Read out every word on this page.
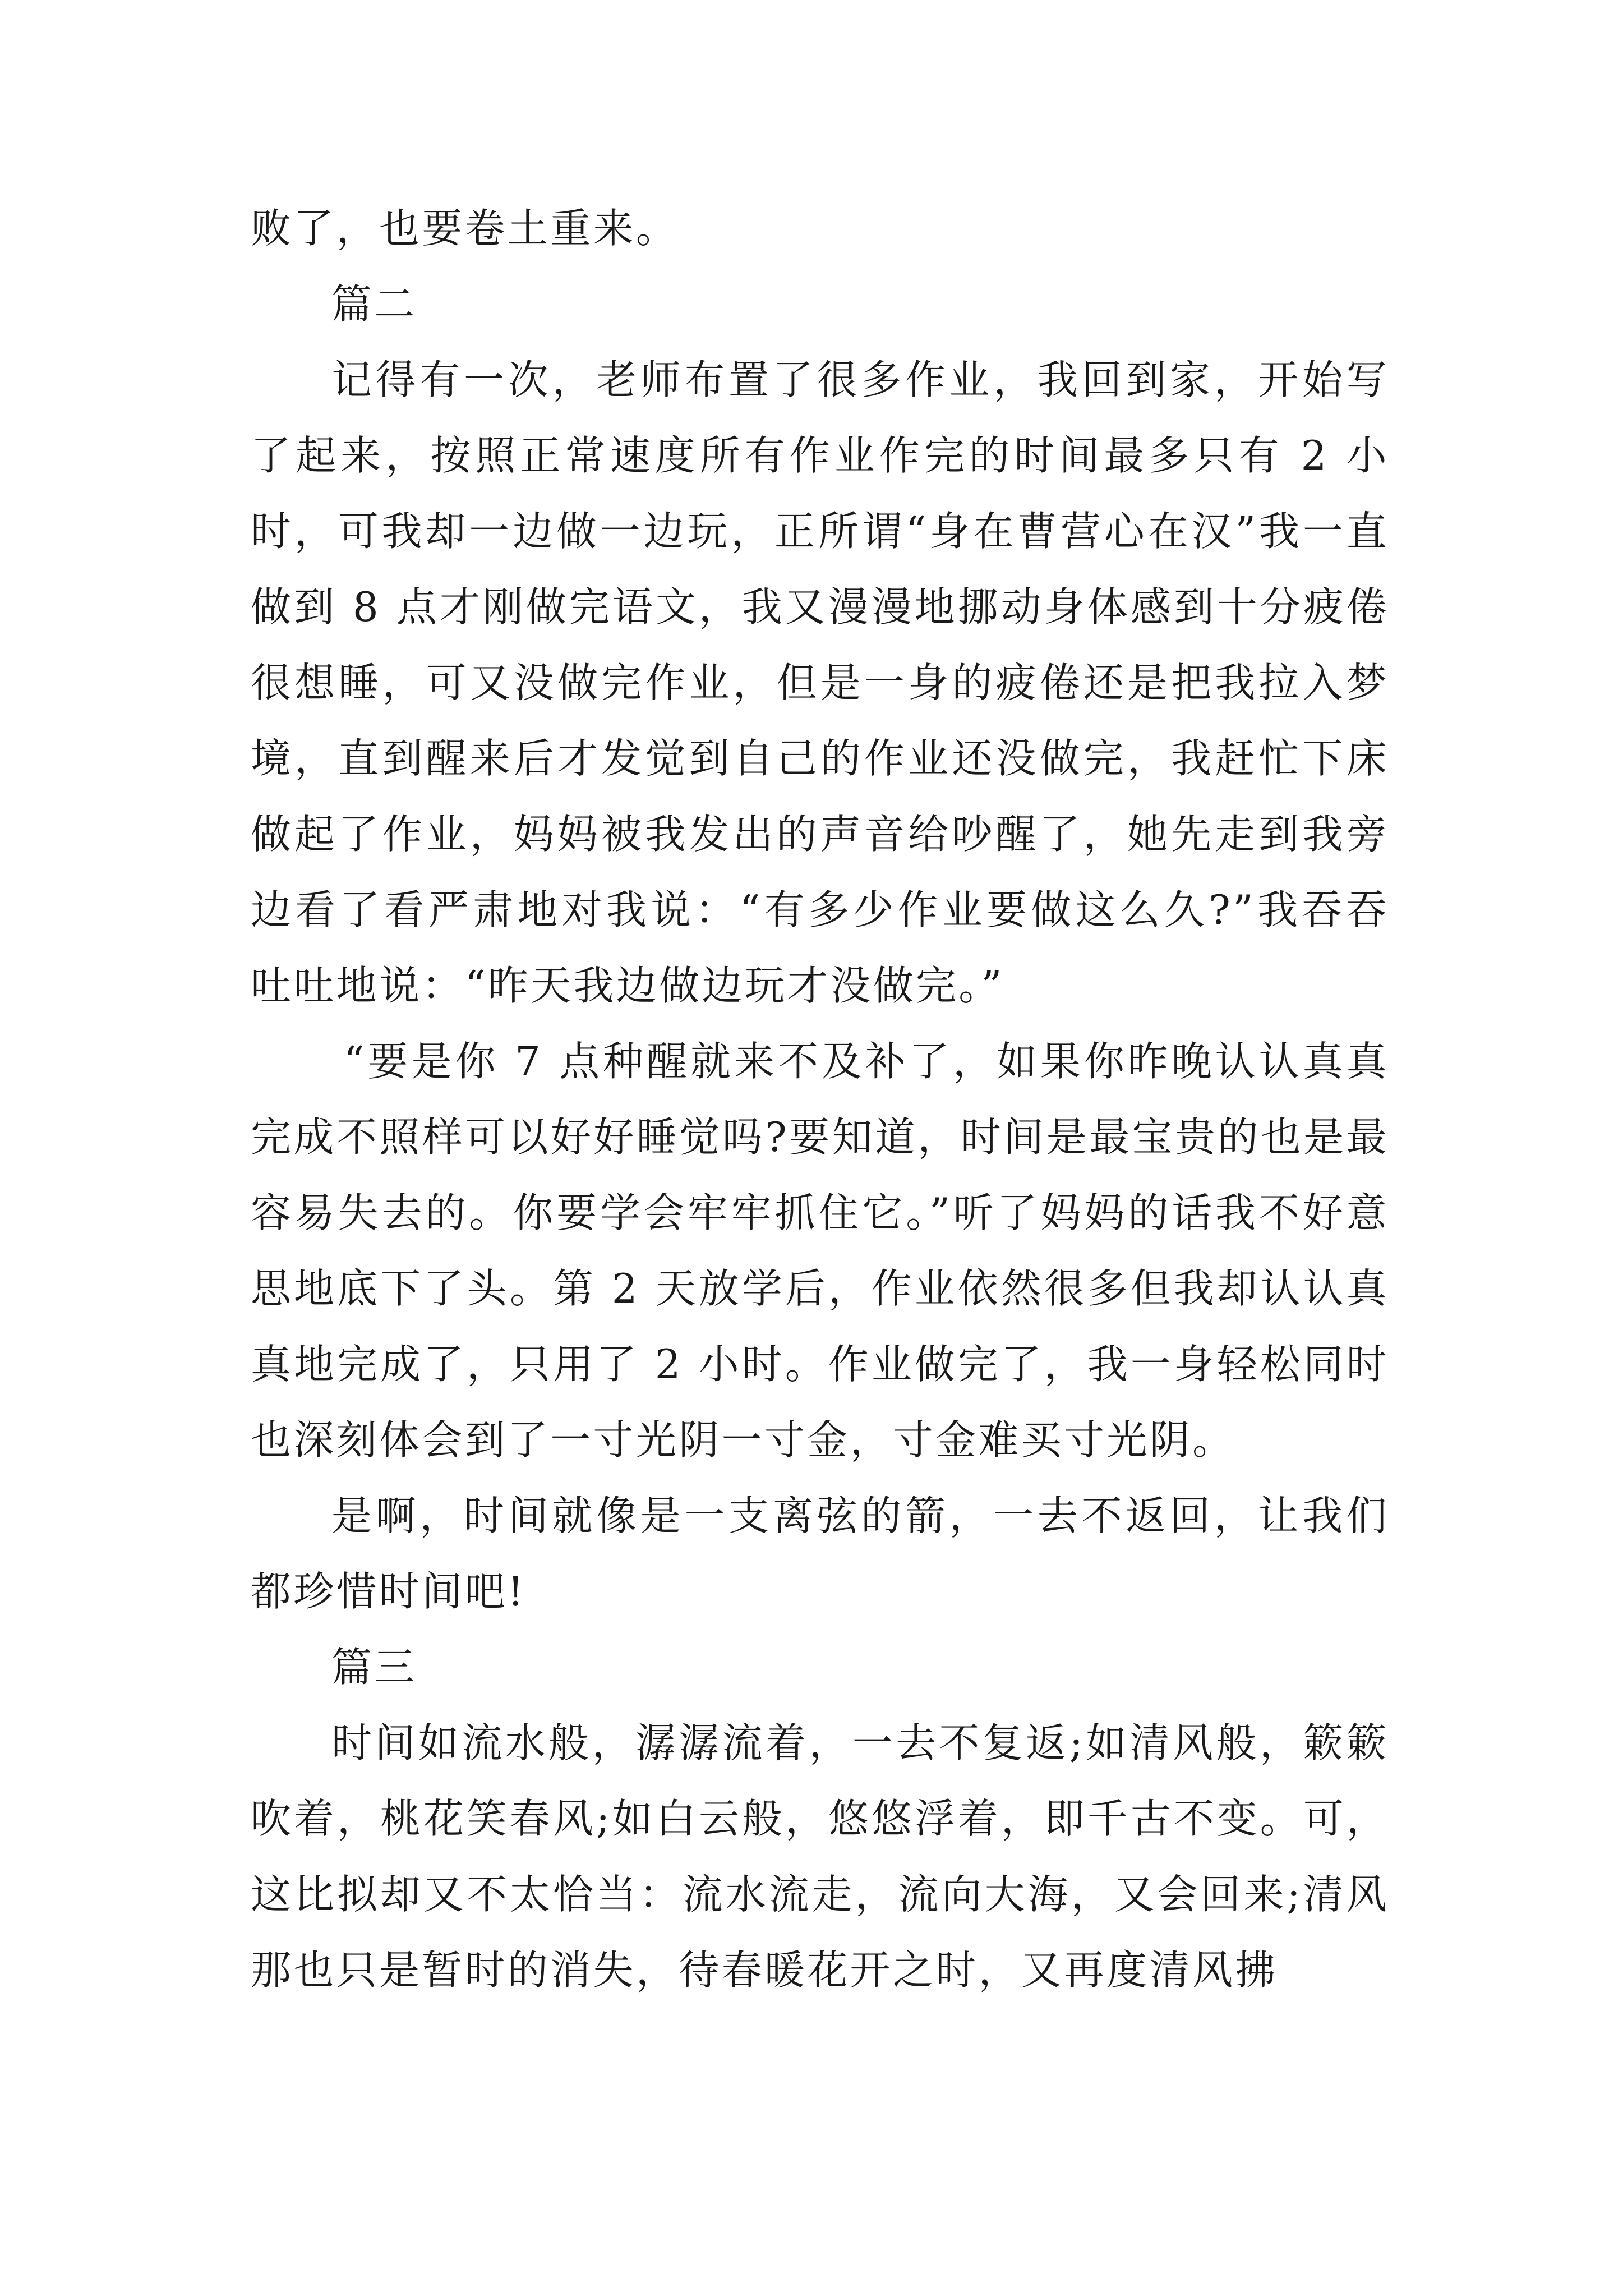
败了，也要卷土重来。

篇二

记得有一次，老师布置了很多作业，我回到家，开始写了起来，按照正常速度所有作业作完的时间最多只有 2 小时，可我却一边做一边玩，正所谓“身在曹营心在汉”我一直做到 8 点才刚做完语文，我又漫漫地挪动身体感到十分疲倦很想睡，可又没做完作业，但是一身的疲倦还是把我拉入梦境，直到醒来后才发觉到自己的作业还没做完，我赶忙下床做起了作业，妈妈被我发出的声音给吵醒了，她先走到我旁边看了看严肃地对我说：“有多少作业要做这么久?”我吞吞吐吐地说：“昨天我边做边玩才没做完。”

“要是你 7 点种醒就来不及补了，如果你昨晚认认真真完成不照样可以好好睡觉吗?要知道，时间是最宝贵的也是最容易失去的。你要学会牢牢抓住它。”听了妈妈的话我不好意思地底下了头。第 2 天放学后，作业依然很多但我却认认真真地完成了，只用了 2 小时。作业做完了，我一身轻松同时也深刻体会到了一寸光阴一寸金，寸金难买寸光阴。

是啊，时间就像是一支离弦的箭，一去不返回，让我们都珍惜时间吧!

篇三

时间如流水般，潺潺流着，一去不复返;如清风般，簌簌吹着，桃花笑春风;如白云般，悠悠浮着，即千古不变。可，这比拟却又不太恰当：流水流走，流向大海，又会回来;清风那也只是暂时的消失，待春暖花开之时，又再度清风拂
